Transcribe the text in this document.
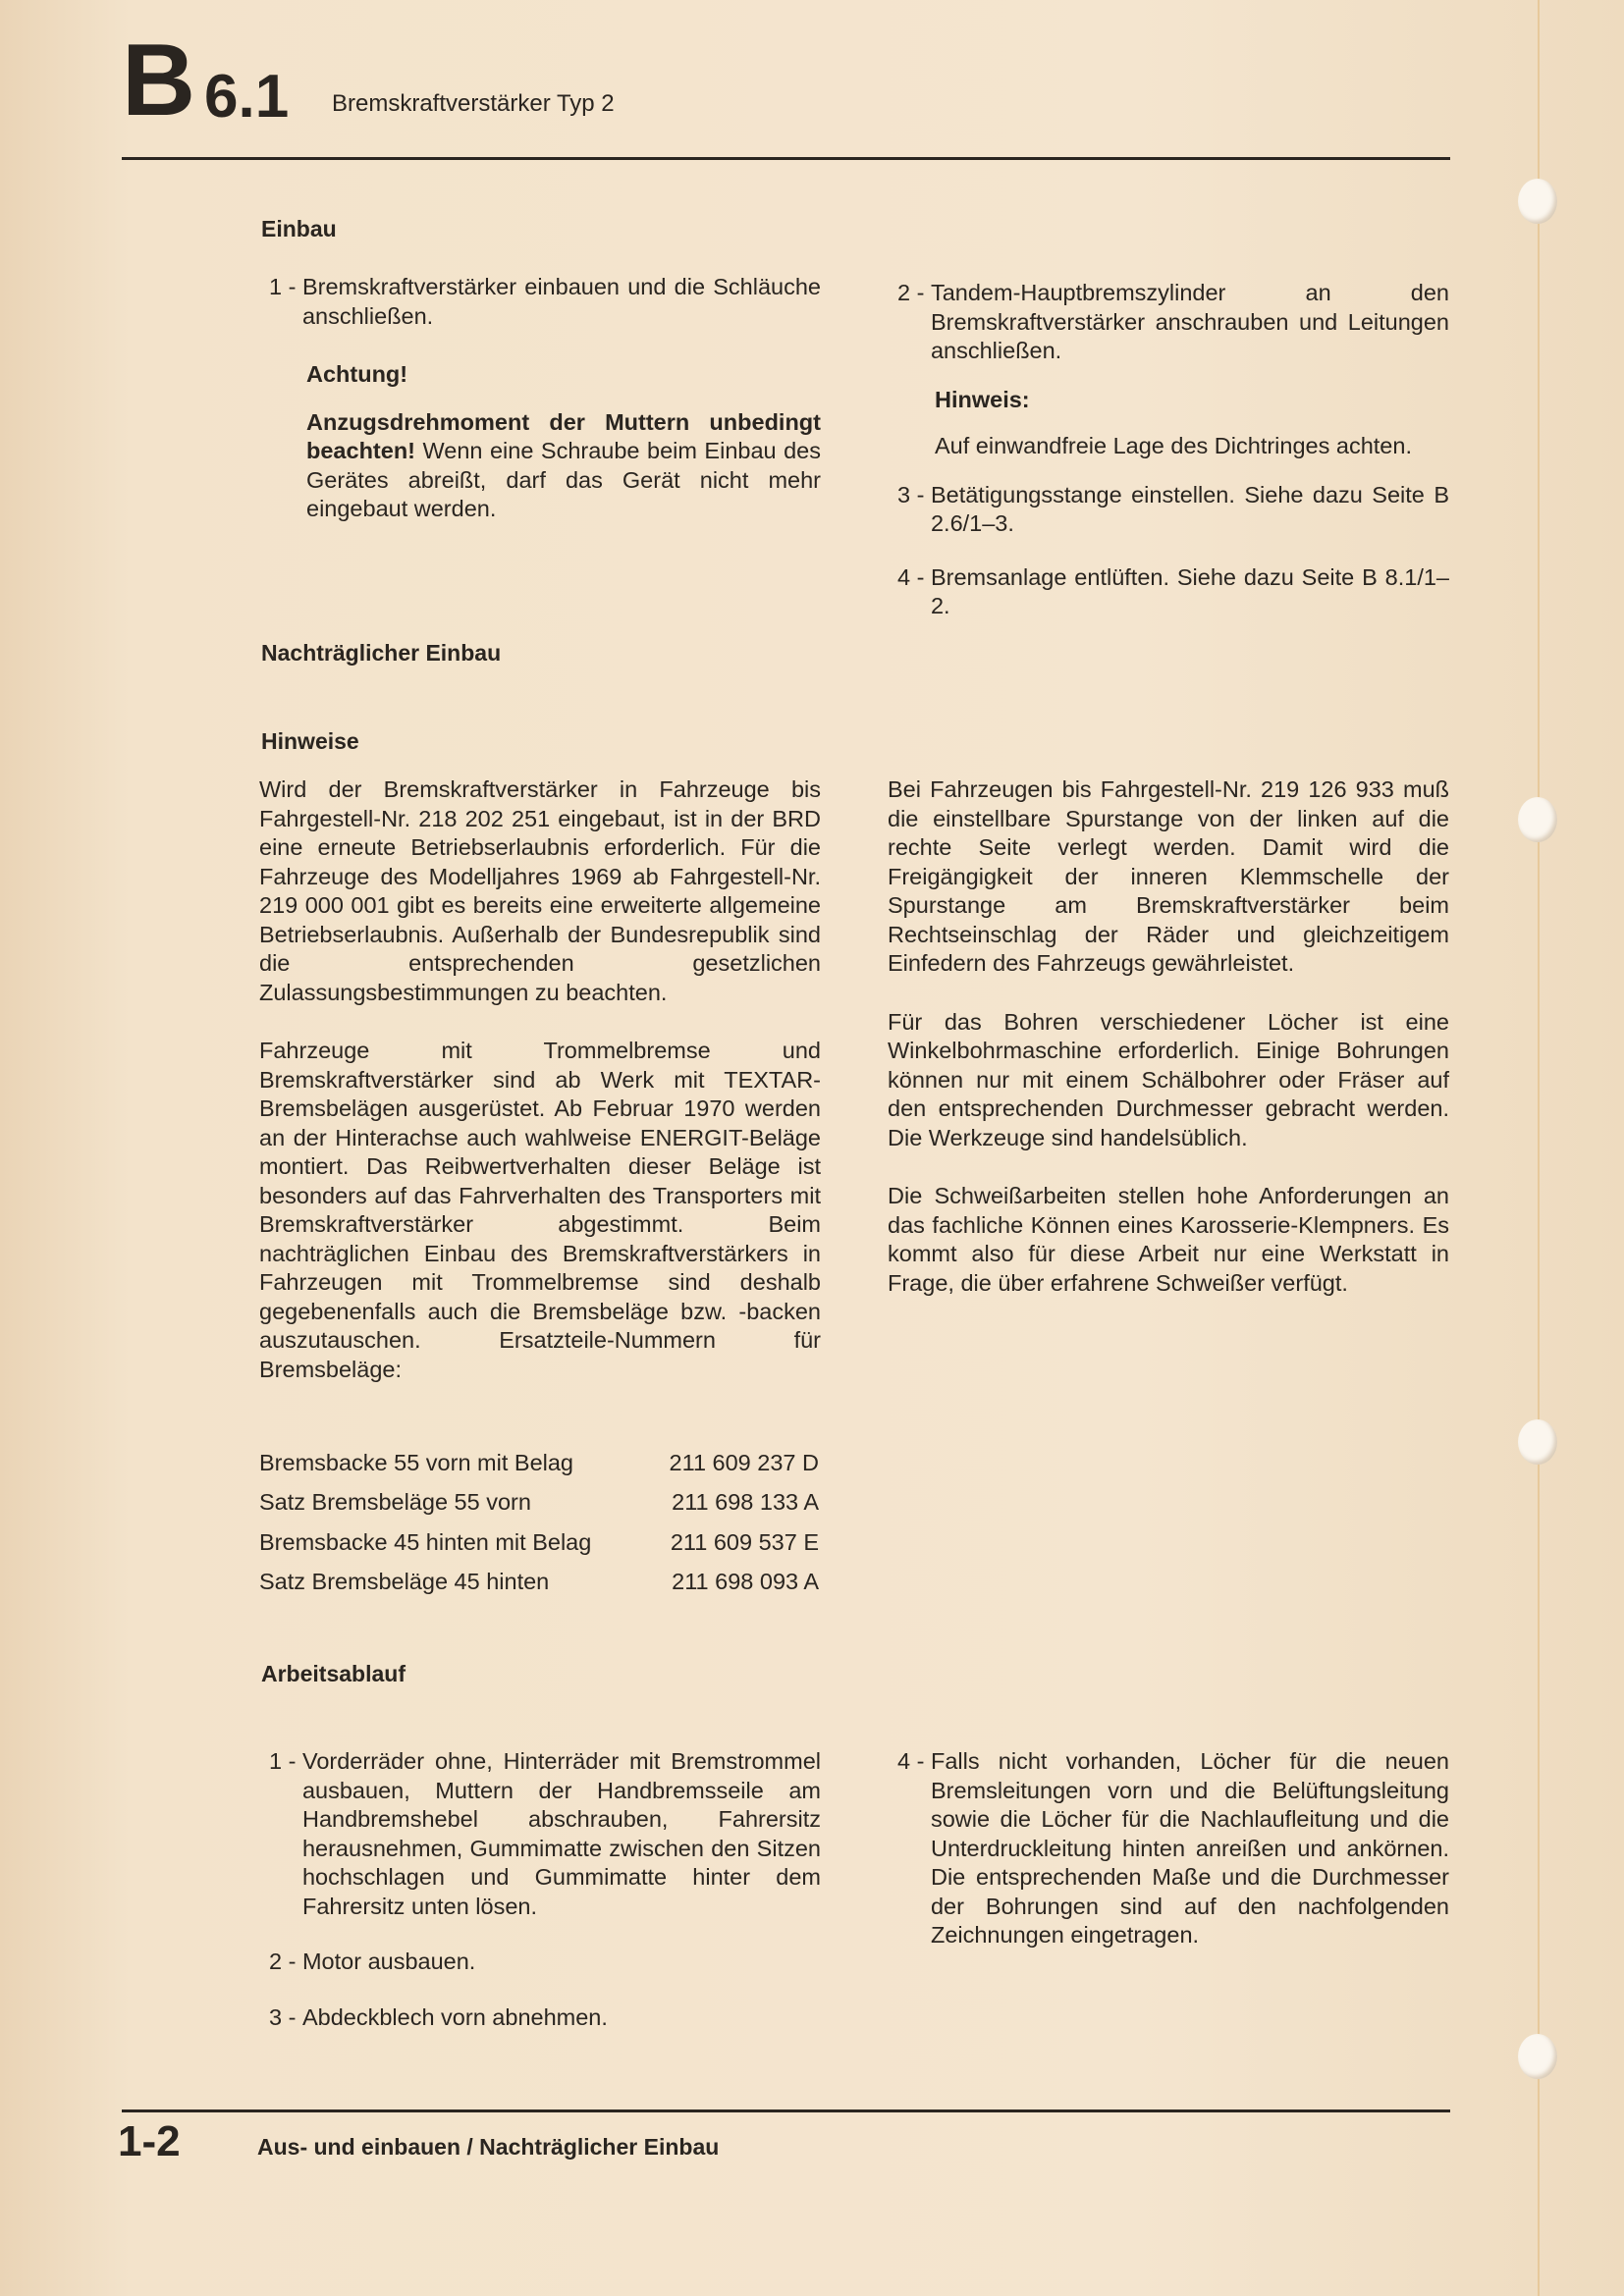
B 6.1 Bremskraftverstärker Typ 2
Einbau
1 - Bremskraftverstärker einbauen und die Schläuche anschließen.

Achtung!

Anzugsdrehmoment der Muttern unbedingt beachten! Wenn eine Schraube beim Einbau des Gerätes abreißt, darf das Gerät nicht mehr eingebaut werden.

2 - Tandem-Hauptbremszylinder an den Bremskraftverstärker anschrauben und Leitungen anschließen.

Hinweis:

Auf einwandfreie Lage des Dichtringes achten.

3 - Betätigungsstange einstellen. Siehe dazu Seite B 2.6/1–3.
4 - Bremsanlage entlüften. Siehe dazu Seite B 8.1/1–2.
Nachträglicher Einbau
Hinweise

Wird der Bremskraftverstärker in Fahrzeuge bis Fahrgestell-Nr. 218 202 251 eingebaut, ist in der BRD eine erneute Betriebserlaubnis erforderlich. Für die Fahrzeuge des Modelljahres 1969 ab Fahrgestell-Nr. 219 000 001 gibt es bereits eine erweiterte allgemeine Betriebserlaubnis. Außerhalb der Bundesrepublik sind die entsprechenden gesetzlichen Zulassungsbestimmungen zu beachten.

Fahrzeuge mit Trommelbremse und Bremskraftverstärker sind ab Werk mit TEXTAR-Bremsbelägen ausgerüstet. Ab Februar 1970 werden an der Hinterachse auch wahlweise ENERGIT-Beläge montiert. Das Reibwertverhalten dieser Beläge ist besonders auf das Fahrverhalten des Transporters mit Bremskraftverstärker abgestimmt. Beim nachträglichen Einbau des Bremskraftverstärkers in Fahrzeugen mit Trommelbremse sind deshalb gegebenenfalls auch die Bremsbeläge bzw. -backen auszutauschen. Ersatzteile-Nummern für Bremsbeläge:

Bei Fahrzeugen bis Fahrgestell-Nr. 219 126 933 muß die einstellbare Spurstange von der linken auf die rechte Seite verlegt werden. Damit wird die Freigängigkeit der inneren Klemmschelle der Spurstange am Bremskraftverstärker beim Rechtseinschlag der Räder und gleichzeitigem Einfedern des Fahrzeugs gewährleistet.

Für das Bohren verschiedener Löcher ist eine Winkelbohrmaschine erforderlich. Einige Bohrungen können nur mit einem Schälbohrer oder Fräser auf den entsprechenden Durchmesser gebracht werden. Die Werkzeuge sind handelsüblich.

Die Schweißarbeiten stellen hohe Anforderungen an das fachliche Können eines Karosserie-Klempners. Es kommt also für diese Arbeit nur eine Werkstatt in Frage, die über erfahrene Schweißer verfügt.

Bremsbacke 55 vorn mit Belag	211 609 237 D
Satz Bremsbeläge 55 vorn	211 698 133 A
Bremsbacke 45 hinten mit Belag	211 609 537 E
Satz Bremsbeläge 45 hinten	211 698 093 A
Arbeitsablauf
1 - Vorderräder ohne, Hinterräder mit Bremstrommel ausbauen, Muttern der Handbremsseile am Handbremshebel abschrauben, Fahrersitz herausnehmen, Gummimatte zwischen den Sitzen hochschlagen und Gummimatte hinter dem Fahrersitz unten lösen.
2 - Motor ausbauen.
3 - Abdeckblech vorn abnehmen.
4 - Falls nicht vorhanden, Löcher für die neuen Bremsleitungen vorn und die Belüftungsleitung sowie die Löcher für die Nachlaufleitung und die Unterdruckleitung hinten anreißen und ankörnen. Die entsprechenden Maße und die Durchmesser der Bohrungen sind auf den nachfolgenden Zeichnungen eingetragen.
1-2	Aus- und einbauen / Nachträglicher Einbau
